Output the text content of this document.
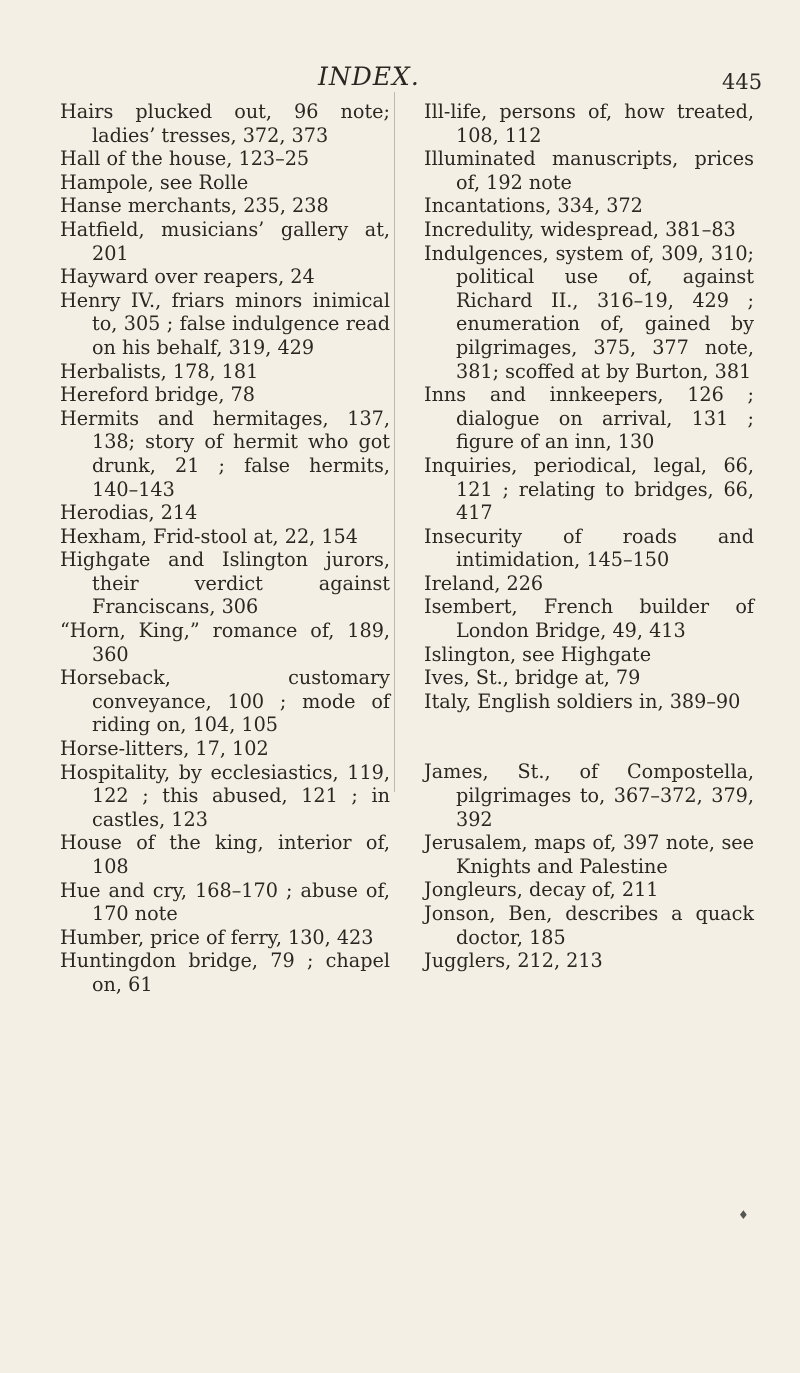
INDEX.	445
Hairs plucked out, 96 note; ladies’ tresses, 372, 373
Hall of the house, 123–25
Hampole, see Rolle
Hanse merchants, 235, 238
Hatfield, musicians’ gallery at, 201
Hayward over reapers, 24
Henry IV., friars minors inimical to, 305 ; false indulgence read on his behalf, 319, 429
Herbalists, 178, 181
Hereford bridge, 78
Hermits and hermitages, 137, 138; story of hermit who got drunk, 21 ; false hermits, 140–143
Herodias, 214
Hexham, Frid-stool at, 22, 154
Highgate and Islington jurors, their verdict against Franciscans, 306
“Horn, King,” romance of, 189, 360
Horseback, customary conveyance, 100 ; mode of riding on, 104, 105
Horse-litters, 17, 102
Hospitality, by ecclesiastics, 119, 122 ; this abused, 121 ; in castles, 123
House of the king, interior of, 108
Hue and cry, 168–170 ; abuse of, 170 note
Humber, price of ferry, 130, 423
Huntingdon bridge, 79 ; chapel on, 61
Ill-life, persons of, how treated, 108, 112
Illuminated manuscripts, prices of, 192 note
Incantations, 334, 372
Incredulity, widespread, 381–83
Indulgences, system of, 309, 310; political use of, against Richard II., 316–19, 429 ; enumeration of, gained by pilgrimages, 375, 377 note, 381; scoffed at by Burton, 381
Inns and innkeepers, 126 ; dialogue on arrival, 131 ; figure of an inn, 130
Inquiries, periodical, legal, 66, 121 ; relating to bridges, 66, 417
Insecurity of roads and intimidation, 145–150
Ireland, 226
Isembert, French builder of London Bridge, 49, 413
Islington, see Highgate
Ives, St., bridge at, 79
Italy, English soldiers in, 389–90
James, St., of Compostella, pilgrimages to, 367–372, 379, 392
Jerusalem, maps of, 397 note, see Knights and Palestine
Jongleurs, decay of, 211
Jonson, Ben, describes a quack doctor, 185
Jugglers, 212, 213
♦
